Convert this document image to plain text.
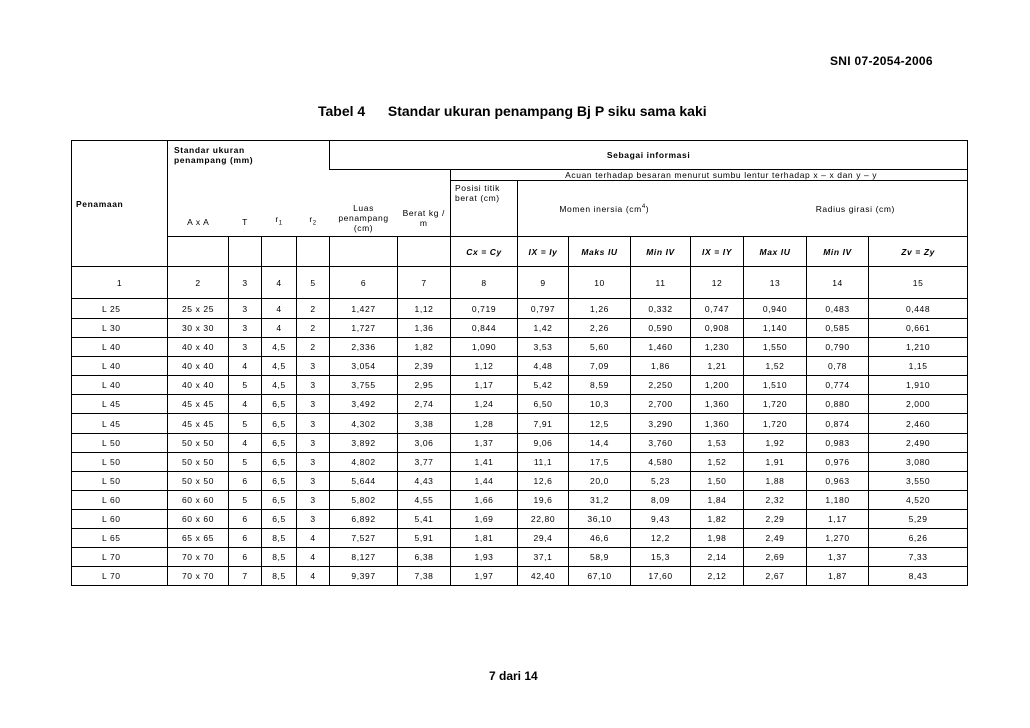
SNI 07-2054-2006
Tabel 4 Standar ukuran penampang Bj P siku sama kaki
Penamaan	Standar ukuran penampang (mm)				Sebagai informasi										
	A x A	T	$r_1$	$r_2$	Luas penampang (cm)	Berat kg / m	Acuan terhadap besaran menurut sumbu lentur terhadap x – x dan y – y								
							Posisi titik berat (cm)	Momen inersia $(cm^4)$				Radius girasi (cm)	
							Cx = Cy	IX = Iy	Maks IU	Min IV	IX = IY	Max IU	Min IV	Zv = Zy	
1	2	3	4	5	6	7	8	9	10	11	12	13	14	15	
L 25	25 x 25	3	4	2	1,427	1,12	0,719	0,797	1,26	0,332	0,747	0,940	0,483	0,448	
L 30	30 x 30	3	4	2	1,727	1,36	0,844	1,42	2,26	0,590	0,908	1,140	0,585	0,661	
L 40	40 x 40	3	4,5	2	2,336	1,82	1,090	3,53	5,60	1,460	1,230	1,550	0,790	1,210	
L 40	40 x 40	4	4,5	3	3,054	2,39	1,12	4,48	7,09	1,86	1,21	1,52	0,78	1,15	
L 40	40 x 40	5	4,5	3	3,755	2,95	1,17	5,42	8,59	2,250	1,200	1,510	0,774	1,910	
L 45	45 x 45	4	6,5	3	3,492	2,74	1,24	6,50	10,3	2,700	1,360	1,720	0,880	2,000	
L 45	45 x 45	5	6,5	3	4,302	3,38	1,28	7,91	12,5	3,290	1,360	1,720	0,874	2,460	
L 50	50 x 50	4	6,5	3	3,892	3,06	1,37	9,06	14,4	3,760	1,53	1,92	0,983	2,490	
L 50	50 x 50	5	6,5	3	4,802	3,77	1,41	11,1	17,5	4,580	1,52	1,91	0,976	3,080	
L 50	50 x 50	6	6,5	3	5,644	4,43	1,44	12,6	20,0	5,23	1,50	1,88	0,963	3,550	
L 60	60 x 60	5	6,5	3	5,802	4,55	1,66	19,6	31,2	8,09	1,84	2,32	1,180	4,520	
L 60	60 x 60	6	6,5	3	6,892	5,41	1,69	22,80	36,10	9,43	1,82	2,29	1,17	5,29	
L 65	65 x 65	6	8,5	4	7,527	5,91	1,81	29,4	46,6	12,2	1,98	2,49	1,270	6,26	
L 70	70 x 70	6	8,5	4	8,127	6,38	1,93	37,1	58,9	15,3	2,14	2,69	1,37	7,33	
L 70	70 x 70	7	8,5	4	9,397	7,38	1,97	42,40	67,10	17,60	2,12	2,67	1,87	8,43	
7 dari 14
